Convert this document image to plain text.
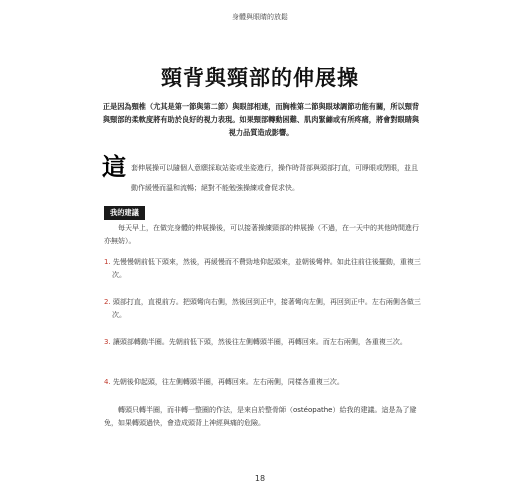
身體與眼睛的放鬆
頸背與頸部的伸展操
正是因為頸椎（尤其是第一節與第二節）與眼部相連，而胸椎第二節與眼球調節功能有關，所以頸背與頸部的柔軟度將有助於良好的視力表現。如果頸部轉動困難、肌肉緊繃或有所疼痛，將會對眼睛與視力品質造成影響。
這 套伸展操可以隨個人意願採取站姿或坐姿進行，操作時背部與頭部打直，可睜眼或閉眼，並且動作緩慢而溫和流暢；絕對不能勉強操練或會促求快。
我的建議
每天早上，在做完身體的伸展操後，可以接著操練頸部的伸展操（不過，在一天中的其他時間進行亦無妨）。
1. 先慢慢朝前低下頭來，然後，再緩慢而不費勁地仰起頭來，並朝後彎伸。如此往前往後擺動，重複三次。
2. 頭部打直，直視前方。把頭彎向右側，然後回到正中，接著彎向左側，再回到正中。左右兩側各做三次。
3. 讓頭部轉動半圈。先朝前低下頭，然後往左側轉頭半圈，再轉回來。而左右兩側，各重複三次。
4. 先朝後仰起頭，往左側轉頭半圈，再轉回來。左右兩側，同樣各重複三次。
轉頭只轉半圈，而非轉一整圈的作法，是來自於整骨師（ostéopathe）給我的建議。這是為了避免，如果轉頭過快，會造成頭背上神經與痛的危險。
18
